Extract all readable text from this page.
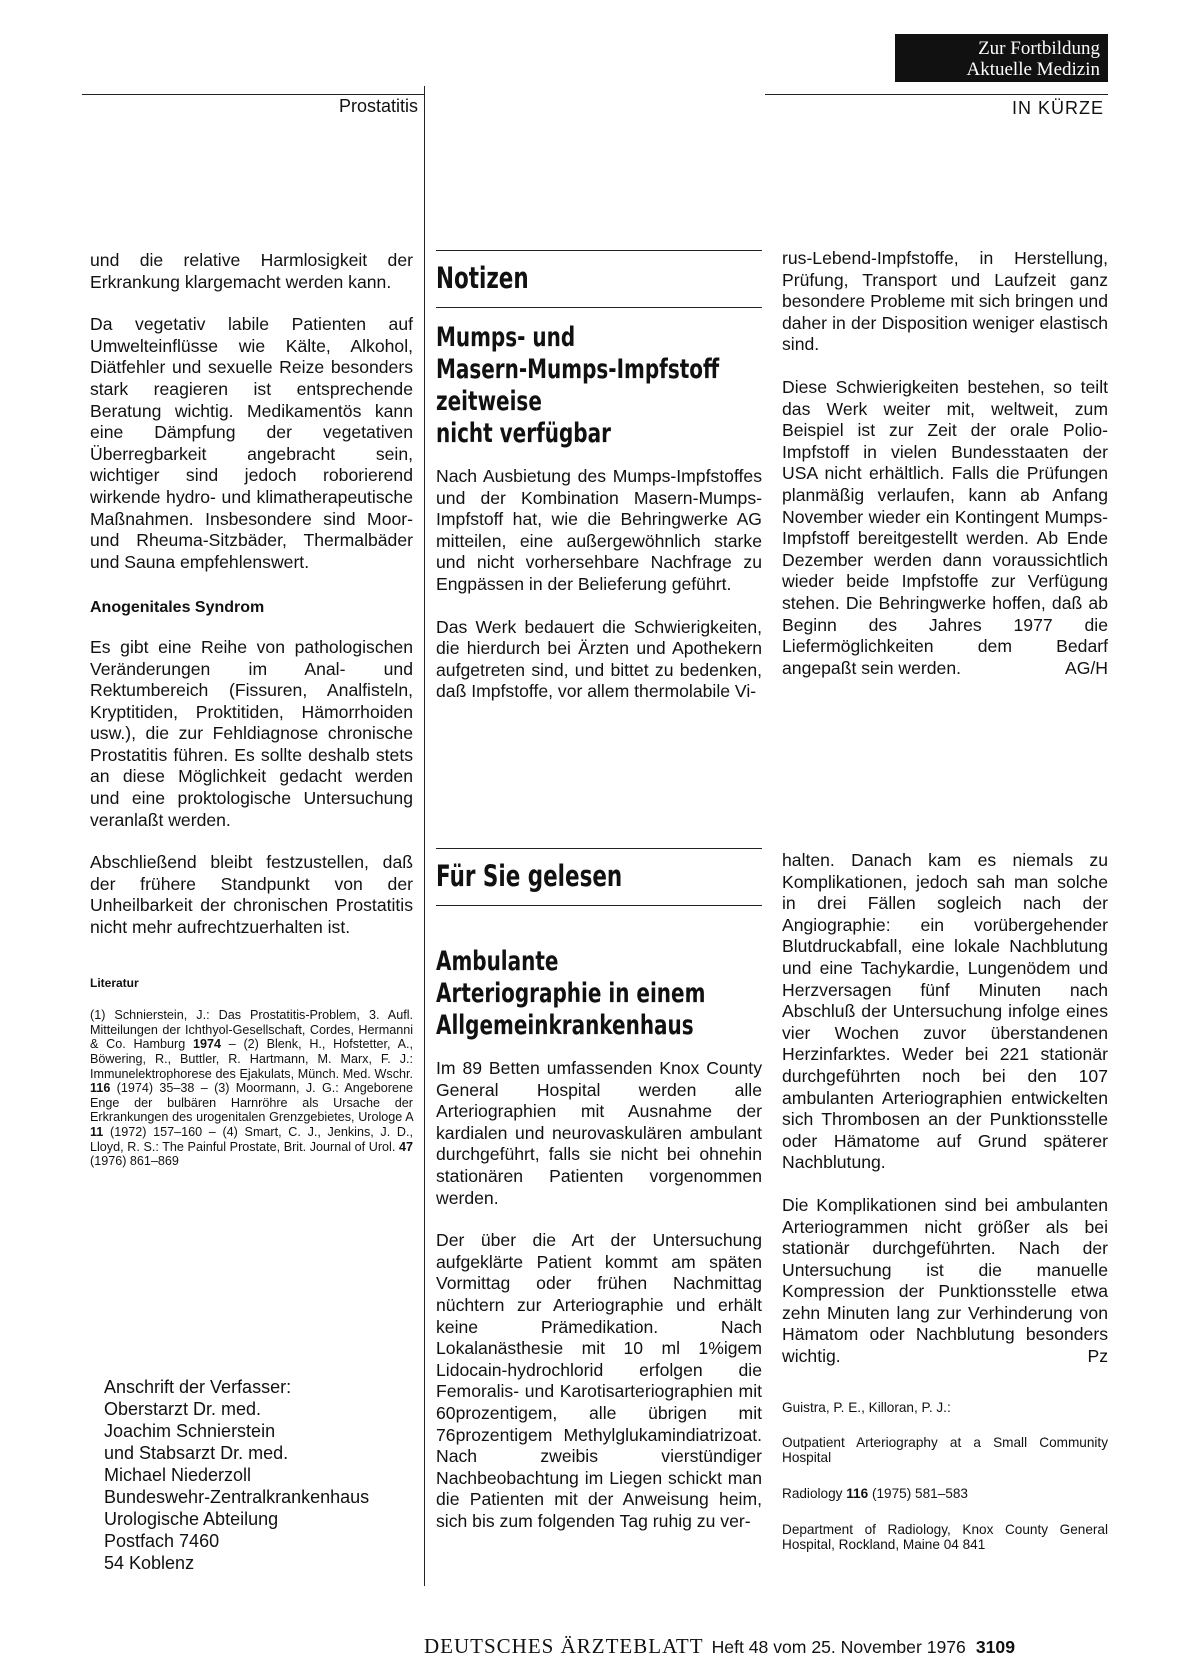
Zur Fortbildung
Aktuelle Medizin
Prostatitis	IN KÜRZE

und die relative Harmlosigkeit der Erkrankung klargemacht werden kann.

Da vegetativ labile Patienten auf Umwelteinflüsse wie Kälte, Alkohol, Diätfehler und sexuelle Reize besonders stark reagieren ist entsprechende Beratung wichtig. Medikamentös kann eine Dämpfung der vegetativen Überregbarkeit angebracht sein, wichtiger sind jedoch roborierend wirkende hydro- und klimatherapeutische Maßnahmen. Insbesondere sind Moor- und Rheuma-Sitzbäder, Thermalbäder und Sauna empfehlenswert.

Anogenitales Syndrom

Es gibt eine Reihe von pathologischen Veränderungen im Anal- und Rektumbereich (Fissuren, Analfisteln, Kryptitiden, Proktitiden, Hämorrhoiden usw.), die zur Fehldiagnose chronische Prostatitis führen. Es sollte deshalb stets an diese Möglichkeit gedacht werden und eine proktologische Untersuchung veranlaßt werden.

Abschließend bleibt festzustellen, daß der frühere Standpunkt von der Unheilbarkeit der chronischen Prostatitis nicht mehr aufrechtzuerhalten ist.

Literatur

(1) Schnierstein, J.: Das Prostatitis-Problem, 3. Aufl. Mitteilungen der Ichthyol-Gesellschaft, Cordes, Hermanni & Co. Hamburg 1974 – (2) Blenk, H., Hofstetter, A., Böwering, R., Buttler, R. Hartmann, M. Marx, F. J.: Immunelektrophorese des Ejakulats, Münch. Med. Wschr. 116 (1974) 35–38 – (3) Moormann, J. G.: Angeborene Enge der bulbären Harnröhre als Ursache der Erkrankungen des urogenitalen Grenzgebietes, Urologe A 11 (1972) 157–160 – (4) Smart, C. J., Jenkins, J. D., Lloyd, R. S.: The Painful Prostate, Brit. Journal of Urol. 47 (1976) 861–869

Anschrift der Verfasser:
Oberstarzt Dr. med.
Joachim Schnierstein
und Stabsarzt Dr. med.
Michael Niederzoll
Bundeswehr-Zentralkrankenhaus
Urologische Abteilung
Postfach 7460
54 Koblenz
Notizen
Mumps- und
Masern-Mumps-Impfstoff
zeitweise
nicht verfügbar

Nach Ausbietung des Mumps-Impfstoffes und der Kombination Masern-Mumps-Impfstoff hat, wie die Behringwerke AG mitteilen, eine außergewöhnlich starke und nicht vorhersehbare Nachfrage zu Engpässen in der Belieferung geführt.

Das Werk bedauert die Schwierigkeiten, die hierdurch bei Ärzten und Apothekern aufgetreten sind, und bittet zu bedenken, daß Impfstoffe, vor allem thermolabile Vi-

rus-Lebend-Impfstoffe, in Herstellung, Prüfung, Transport und Laufzeit ganz besondere Probleme mit sich bringen und daher in der Disposition weniger elastisch sind.

Diese Schwierigkeiten bestehen, so teilt das Werk weiter mit, weltweit, zum Beispiel ist zur Zeit der orale Polio-Impfstoff in vielen Bundesstaaten der USA nicht erhältlich. Falls die Prüfungen planmäßig verlaufen, kann ab Anfang November wieder ein Kontingent Mumps-Impfstoff bereitgestellt werden. Ab Ende Dezember werden dann voraussichtlich wieder beide Impfstoffe zur Verfügung stehen. Die Behringwerke hoffen, daß ab Beginn des Jahres 1977 die Liefermöglichkeiten dem Bedarf angepaßt sein werden.	AG/H

Für Sie gelesen
Ambulante
Arteriographie in einem
Allgemeinkrankenhaus

Im 89 Betten umfassenden Knox County General Hospital werden alle Arteriographien mit Ausnahme der kardialen und neurovaskulären ambulant durchgeführt, falls sie nicht bei ohnehin stationären Patienten vorgenommen werden.

Der über die Art der Untersuchung aufgeklärte Patient kommt am späten Vormittag oder frühen Nachmittag nüchtern zur Arteriographie und erhält keine Prämedikation. Nach Lokalanästhesie mit 10 ml 1%igem Lidocain-hydrochlorid erfolgen die Femoralis- und Karotisarteriographien mit 60prozentigem, alle übrigen mit 76prozentigem Methylglukamindiatrizoat. Nach zweibis vierstündiger Nachbeobachtung im Liegen schickt man die Patienten mit der Anweisung heim, sich bis zum folgenden Tag ruhig zu ver-

halten. Danach kam es niemals zu Komplikationen, jedoch sah man solche in drei Fällen sogleich nach der Angiographie: ein vorübergehender Blutdruckabfall, eine lokale Nachblutung und eine Tachykardie, Lungenödem und Herzversagen fünf Minuten nach Abschluß der Untersuchung infolge eines vier Wochen zuvor überstandenen Herzinfarktes. Weder bei 221 stationär durchgeführten noch bei den 107 ambulanten Arteriographien entwickelten sich Thrombosen an der Punktionsstelle oder Hämatome auf Grund späterer Nachblutung.

Die Komplikationen sind bei ambulanten Arteriogrammen nicht größer als bei stationär durchgeführten. Nach der Untersuchung ist die manuelle Kompression der Punktionsstelle etwa zehn Minuten lang zur Verhinderung von Hämatom oder Nachblutung besonders wichtig.	Pz

Guistra, P. E., Killoran, P. J.:

Outpatient Arteriography at a Small Community Hospital

Radiology 116 (1975) 581–583

Department of Radiology, Knox County General Hospital, Rockland, Maine 04 841

DEUTSCHES ÄRZTEBLATT Heft 48 vom 25. November 1976 3109
